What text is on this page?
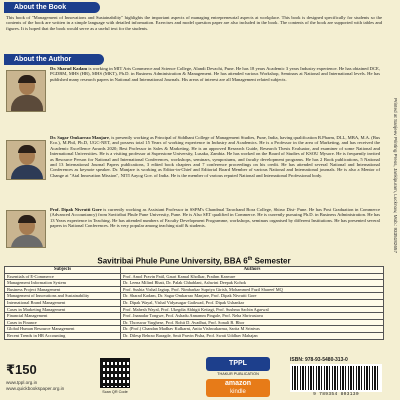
About the Book

This book of "Management of Innovations and Sustainability" highlights the important aspects of managing entrepreneurial aspects at workplace. This book is designed specifically for students so the contents of the book are written in a simple language with detailed information. Exercises and model question paper are also included in the book. The contents of the book are supported with tables and figures. It is hoped that the book would serve as a useful text for the students.

About the Author

Dr. Sharad Kadam is working in MIT Arts Commerce and Science College, Alandi Devachi, Pune. He has 18 years Academic 3 years Industry experience. He has obtained DCE, PGDBM, MHS (HR), MHS (MKT), Ph.D. in Business Administration & Management. He has attended various Workshop, Seminars at National and International levels. He has published many research papers in National and International Journals. His areas of interest are all Management related subjects.

Dr. Sagar Omkarrao Manjare, is presently working as Principal of Siddhant College of Management Studies, Pune, India, having qualification B.Pharm, DLL, MBA, M.A. (Bus Eco.), M.Phil, Ph.D, UGC-NET, and possess total 15 Years of working experience in Industry and Academics. He is a Professor in the area of Marketing, and has received the Academic Excellence Awards 2020; Best Professor in Sales & Marketing. He is an approved Research Guide, Research Thesis Evaluator, and examiner of some National and International Universities. He is a visiting professor at Superstone University, Lusaka, Zambia. He has worked on the Board of Studies of KSOU Mysore. He is frequently invited as Resource Person for National and International Conferences, workshops, seminars, symposiums, and faculty development programs. He has 2 Book publications, 5 National and 13 International Journal Papers publications, 3 edited book chapters and 7 conference proceedings on his credit. He has attended several National and International Conferences as keynote speaker. Dr. Manjare is working as Editor-in-Chief and Editorial Board Member of various National and International journals. He is also a Mentor of Change at "Atal Innovation Mission", NITI Aayog Gov. of India. He is the member of various reputed National and International Professional body.

Prof. Dipak Nivrutti Gore is currently working as Assistant Professor in SSPM's Chandmal Tarachand Bora College, Shirur Dist- Pune. He has Post Graduation in Commerce (Advanced Accountancy) from Savitribai Phule Pune University, Pune. He is Also SET qualified in Commerce. He is currently pursuing Ph.D. in Business Administration. He has 13 Years experience in Teaching. He has attended numbers of Faculty Development Programme, workshops, seminars organised by different Institutions. He has presented several papers in National Conferences. He is very popular among teaching staff & students.	Printed at Sanjeev Printing Press, Jankipuram, Lucknow, Mob.: 9335182657
Savitribai Phule Pune University, BBA 6th Semester
Subjects	Authors
Essentials of E-Commerce	Prof. Amol Pravin Patil, Gauri Kamal Kholkar, Prathm Kanvare
Management Information System	Dr. Leena Milind Bhatt, Dr. Palak Chhablani, Ashwini Deepak Kohok
Business Project Management	Prof. Sushia Vishal Jagtap, Prof. Nimbarkar Supriya Girish, Mohammed Fazil Shareef MQ
Management of Innovations and Sustainability	Dr. Sharad Kadam, Dr. Sagar Omkarrao Manjare, Prof. Dipak Nivrutti Gore
International Brand Management	Dr. Dipak Wayal, Vishal Vidyasagar Gaikwad, Prof. Dipak Ushankar
Cases in Marketing Management	Prof. Mahesh Wayal, Prof. Ukegdia Abhigit Ketiagi, Prof. Sushma Sachin Agarwal
Financial Management	Prof. Jnanadar Tongwe, Prof. Ashadu Annamm Pingale, Prof. Neha Shrivastava
Cases in Finance	Dr. Thorswar Varghese, Prof. Rohit D. Avadhut, Prof. Sonali B. Bhor
Global Human Resource Management	Dr. (Prof.) Chandan Madhav Kulkarni, Anita Vishwakarma, Sarita M Srinivas
Recent Trends in HR Accounting	Dr. Dilesp Behrao Baragde, Smit Pravin Pisha, Prof. Swati Uddhav Mahajan
₹150
www.tppl.org.in
www.quickbookspaper.org.in
Scan QR Code
TPPL
THAKUR PUBLICATION
amazon
kindle
ISBN: 978-93-5480-313-0
9 789354 803130
